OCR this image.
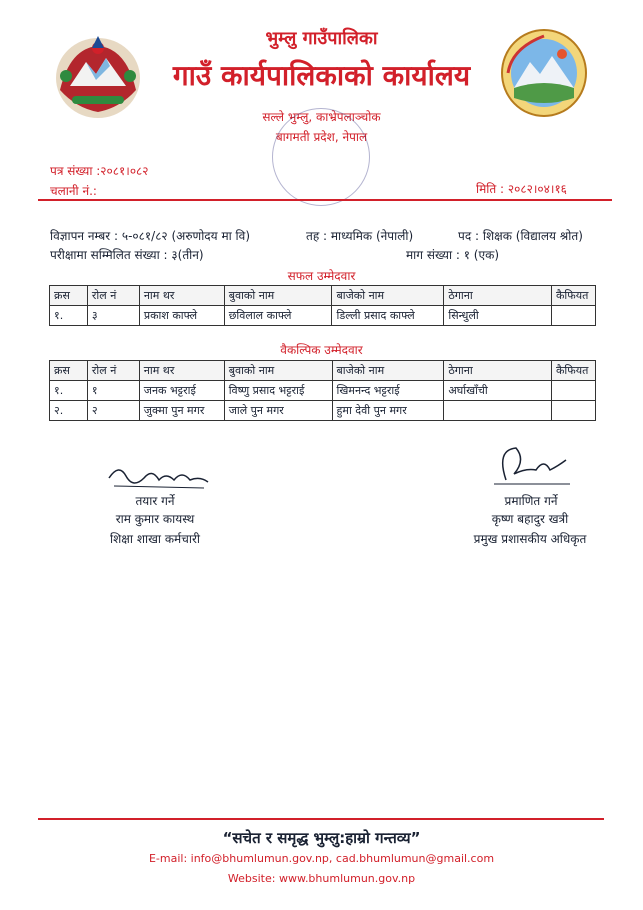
भुम्लु गाउँपालिका
गाउँ कार्यपालिकाको कार्यालय
सल्ले भुम्लु, काभ्रेपलाञ्चोक
बागमती प्रदेश, नेपाल
पत्र संख्या :२०८१।०८२
चलानी नं.:	मिति : २०८२।०४।१६
विज्ञापन नम्बर : ५-०८१/८२ (अरुणोदय मा वि)	तह : माध्यमिक (नेपाली)	पद : शिक्षक (विद्यालय श्रोत)
परीक्षामा सम्मिलित संख्या : ३(तीन)	माग संख्या : १ (एक)
सफल उम्मेदवार
क्रस	रोल नं	नाम थर	बुवाको नाम	बाजेको नाम	ठेगाना	कैफियत
१.	३	प्रकाश काफ्ले	छविलाल काफ्ले	डिल्ली प्रसाद काफ्ले	सिन्धुली	
वैकल्पिक उम्मेदवार
क्रस	रोल नं	नाम थर	बुवाको नाम	बाजेको नाम	ठेगाना	कैफियत
१.	१	जनक भट्टराई	विष्णु प्रसाद भट्टराई	खिमनन्द भट्टराई	अर्घाखाँची	
२.	२	जुक्मा पुन मगर	जाले पुन मगर	हुमा देवी पुन मगर		
तयार गर्ने
राम कुमार कायस्थ
शिक्षा शाखा कर्मचारी
प्रमाणित गर्ने
कृष्ण बहादुर खत्री
प्रमुख प्रशासकीय अधिकृत
“सचेत र समृद्ध भुम्लु:हाम्रो गन्तव्य”
E-mail: info@bhumlumun.gov.np, cad.bhumlumun@gmail.com
Website: www.bhumlumun.gov.np
